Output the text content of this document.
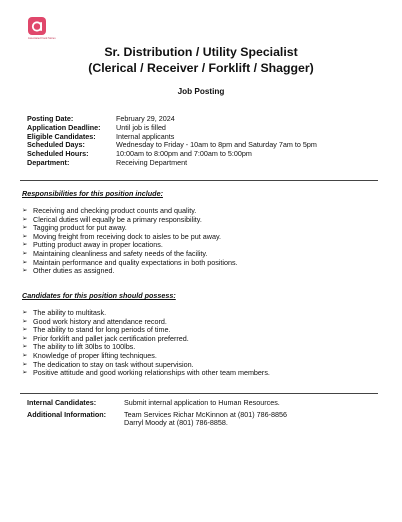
Associated Food Stores
Sr. Distribution / Utility Specialist
(Clerical / Receiver / Forklift / Shagger)
Job Posting
Posting Date:	February 29, 2024
Application Deadline:	Until job is filled
Eligible Candidates:	Internal applicants
Scheduled Days:	Wednesday to Friday - 10am to 8pm and Saturday 7am to 5pm
Scheduled Hours:	10:00am to 8:00pm and 7:00am to 5:00pm
Department:	Receiving Department
Responsibilities for this position include:
➢ Receiving and checking product counts and quality.
➢ Clerical duties will equally be a primary responsibility.
➢ Tagging product for put away.
➢ Moving freight from receiving dock to aisles to be put away.
➢ Putting product away in proper locations.
➢ Maintaining cleanliness and safety needs of the facility.
➢ Maintain performance and quality expectations in both positions.
➢ Other duties as assigned.
Candidates for this position should possess:
➢ The ability to multitask.
➢ Good work history and attendance record.
➢ The ability to stand for long periods of time.
➢ Prior forklift and pallet jack certification preferred.
➢ The ability to lift 30lbs to 100lbs.
➢ Knowledge of proper lifting techniques.
➢ The dedication to stay on task without supervision.
➢ Positive attitude and good working relationships with other team members.
Internal Candidates:	Submit internal application to Human Resources.
Additional Information:	Team Services Richar McKinnon at (801) 786-8856
Darryl Moody at (801) 786-8858.
